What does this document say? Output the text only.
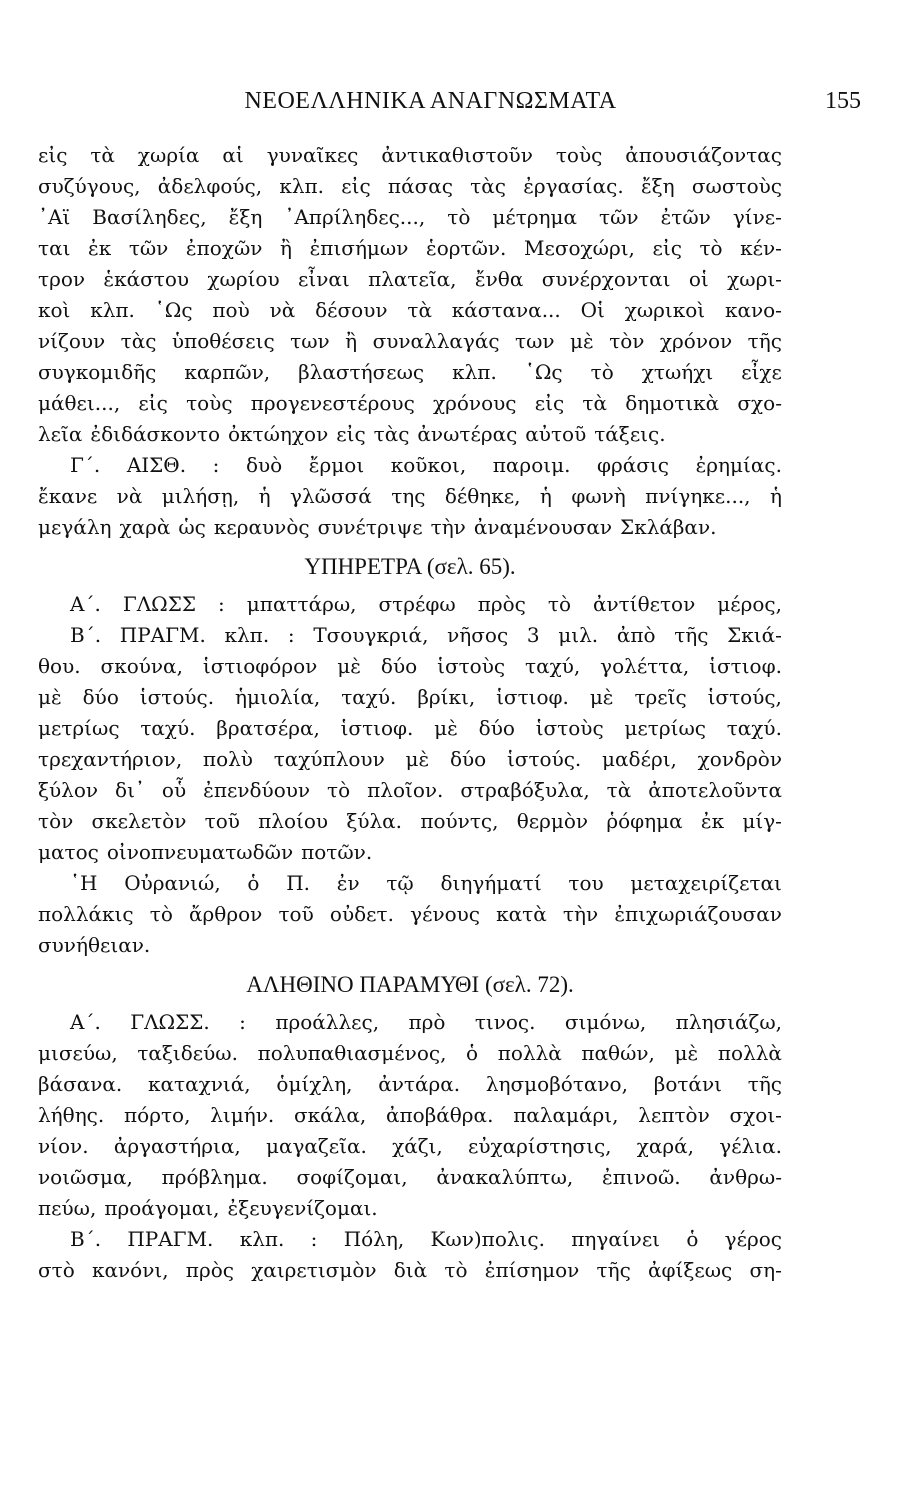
ΝΕΟΕΛΛΗΝΙΚΑ ΑΝΑΓΝΩΣΜΑΤΑ	155
εἰς τὰ χωρία αἱ γυναῖκες ἀντικαθιστοῦν τοὺς ἀπουσιάζοντας
συζύγους, ἀδελφούς, κλπ. εἰς πάσας τὰς ἐργασίας. ἔξη σωστοὺς
᾿Αϊ Βασίληδες, ἔξη ᾿Απρίληδες..., τὸ μέτρημα τῶν ἐτῶν γίνε-
ται ἐκ τῶν ἐποχῶν ἢ ἐπισήμων ἑορτῶν. Μεσοχώρι, εἰς τὸ κέν-
τρον ἑκάστου χωρίου εἶναι πλατεῖα, ἔνθα συνέρχονται οἱ χωρι-
κοὶ κλπ. ῾Ως ποὺ νὰ δέσουν τὰ κάστανα... Οἱ χωρικοὶ κανο-
νίζουν τὰς ὑποθέσεις των ἢ συναλλαγάς των μὲ τὸν χρόνον τῆς
συγκομιδῆς καρπῶν, βλαστήσεως κλπ. ῾Ως τὸ χτωήχι εἶχε
μάθει..., εἰς τοὺς προγενεστέρους χρόνους εἰς τὰ δημοτικὰ σχο-
λεῖα ἐδιδάσκοντο ὀκτώηχον εἰς τὰς ἀνωτέρας αὐτοῦ τάξεις.
Γ΄. ΑΙΣΘ. : δυὸ ἔρμοι κοῦκοι, παροιμ. φράσις ἐρημίας.
ἔκανε νὰ μιλήσῃ, ἡ γλῶσσά της δέθηκε, ἡ φωνὴ πνίγηκε..., ἡ
μεγάλη χαρὰ ὡς κεραυνὸς συνέτριψε τὴν ἀναμένουσαν Σκλάβαν.
ΥΠΗΡΕΤΡΑ (σελ. 65).
Α΄. ΓΛΩΣΣ : μπαττάρω, στρέφω πρὸς τὸ ἀντίθετον μέρος,
Β΄. ΠΡΑΓΜ. κλπ. : Τσουγκριά, νῆσος 3 μιλ. ἀπὸ τῆς Σκιά-
θου. σκούνα, ἱστιοφόρον μὲ δύο ἱστοὺς ταχύ, γολέττα, ἱστιοφ.
μὲ δύο ἱστούς. ἡμιολία, ταχύ. βρίκι, ἱστιοφ. μὲ τρεῖς ἱστούς,
μετρίως ταχύ. βρατσέρα, ἱστιοφ. μὲ δύο ἱστοὺς μετρίως ταχύ.
τρεχαντήριον, πολὺ ταχύπλουν μὲ δύο ἱστούς. μαδέρι, χονδρὸν
ξύλον δι᾿ οὗ ἐπενδύουν τὸ πλοῖον. στραβόξυλα, τὰ ἀποτελοῦντα
τὸν σκελετὸν τοῦ πλοίου ξύλα. πούντς, θερμὸν ῥόφημα ἐκ μίγ-
ματος οἰνοπνευματωδῶν ποτῶν.
῾Η Οὐρανιώ, ὁ Π. ἐν τῷ διηγήματί του μεταχειρίζεται
πολλάκις τὸ ἄρθρον τοῦ οὐδετ. γένους κατὰ τὴν ἐπιχωριάζουσαν
συνήθειαν.
ΑΛΗΘΙΝΟ ΠΑΡΑΜΥΘΙ (σελ. 72).
Α΄. ΓΛΩΣΣ. : προάλλες, πρὸ τινος. σιμόνω, πλησιάζω,
μισεύω, ταξιδεύω. πολυπαθιασμένος, ὁ πολλὰ παθών, μὲ πολλὰ
βάσανα. καταχνιά, ὁμίχλη, ἀντάρα. λησμοβότανο, βοτάνι τῆς
λήθης. πόρτο, λιμήν. σκάλα, ἀποβάθρα. παλαμάρι, λεπτὸν σχοι-
νίον. ἀργαστήρια, μαγαζεῖα. χάζι, εὐχαρίστησις, χαρά, γέλια.
νοιῶσμα, πρόβλημα. σοφίζομαι, ἀνακαλύπτω, ἐπινοῶ. ἀνθρω-
πεύω, προάγομαι, ἐξευγενίζομαι.
Β΄. ΠΡΑΓΜ. κλπ. : Πόλη, Κων)πολις. πηγαίνει ὁ γέρος
στὸ κανόνι, πρὸς χαιρετισμὸν διὰ τὸ ἐπίσημον τῆς ἀφίξεως ση-
